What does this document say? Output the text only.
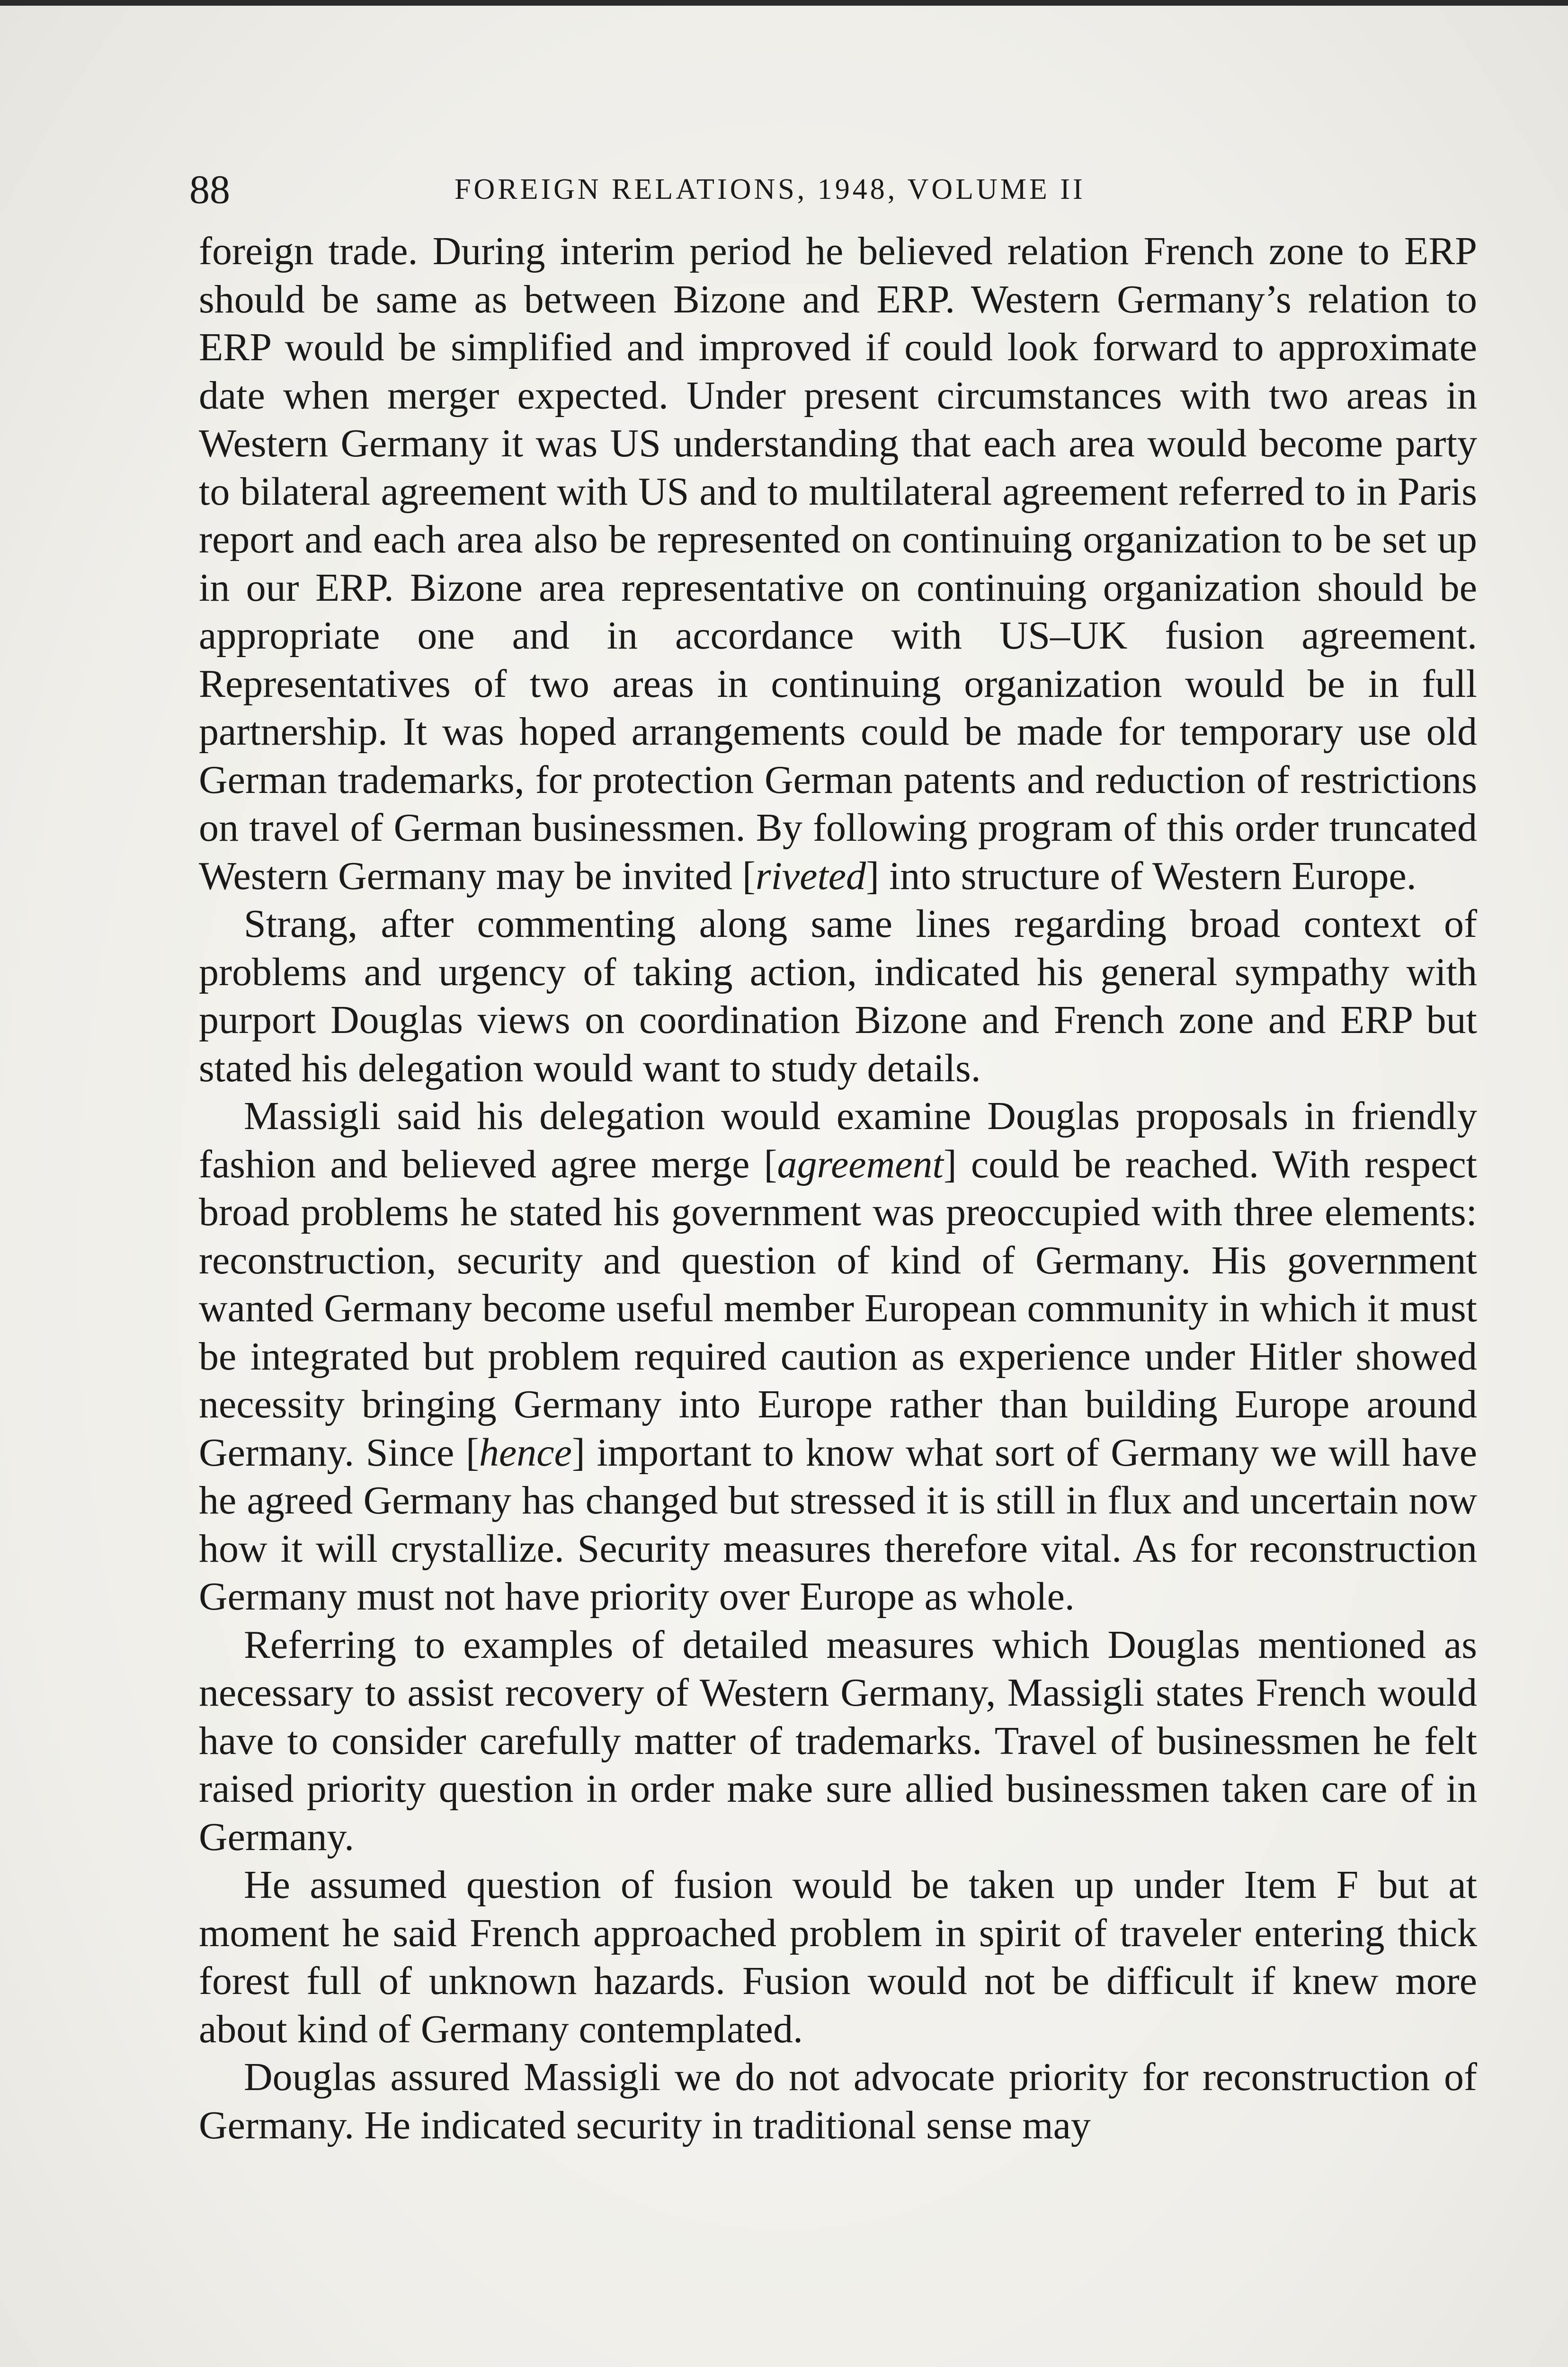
88	FOREIGN RELATIONS, 1948, VOLUME II

foreign trade. During interim period he believed relation French zone to ERP should be same as between Bizone and ERP. Western Germany’s relation to ERP would be simplified and improved if could look forward to approximate date when merger expected. Under present circumstances with two areas in Western Germany it was US understanding that each area would become party to bilateral agreement with US and to multilateral agreement referred to in Paris report and each area also be represented on continuing organization to be set up in our ERP. Bizone area representative on continuing organization should be appropriate one and in accordance with US–UK fusion agreement. Representatives of two areas in continuing organization would be in full partnership. It was hoped arrangements could be made for temporary use old German trademarks, for protection German patents and reduction of restrictions on travel of German businessmen. By following program of this order truncated Western Germany may be invited [riveted] into structure of Western Europe.

Strang, after commenting along same lines regarding broad context of problems and urgency of taking action, indicated his general sympathy with purport Douglas views on coordination Bizone and French zone and ERP but stated his delegation would want to study details.

Massigli said his delegation would examine Douglas proposals in friendly fashion and believed agree merge [agreement] could be reached. With respect broad problems he stated his government was preoccupied with three elements: reconstruction, security and question of kind of Germany. His government wanted Germany become useful member European community in which it must be integrated but problem required caution as experience under Hitler showed necessity bringing Germany into Europe rather than building Europe around Germany. Since [hence] important to know what sort of Germany we will have he agreed Germany has changed but stressed it is still in flux and uncertain now how it will crystallize. Security measures therefore vital. As for reconstruction Germany must not have priority over Europe as whole.

Referring to examples of detailed measures which Douglas mentioned as necessary to assist recovery of Western Germany, Massigli states French would have to consider carefully matter of trademarks. Travel of businessmen he felt raised priority question in order make sure allied businessmen taken care of in Germany.

He assumed question of fusion would be taken up under Item F but at moment he said French approached problem in spirit of traveler entering thick forest full of unknown hazards. Fusion would not be difficult if knew more about kind of Germany contemplated.

Douglas assured Massigli we do not advocate priority for reconstruction of Germany. He indicated security in traditional sense may
